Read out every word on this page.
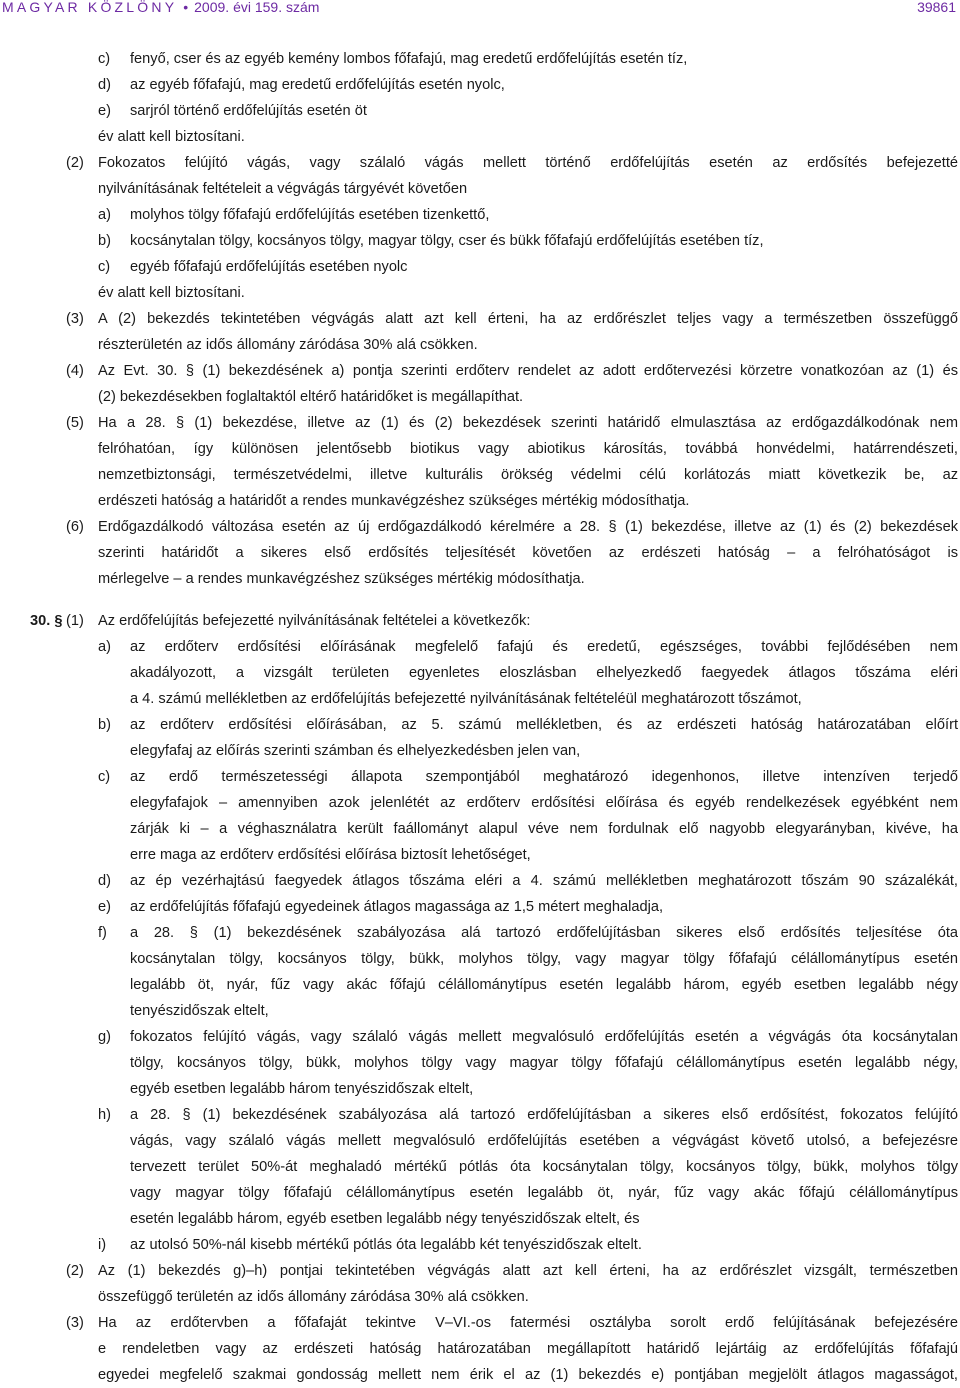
MAGYAR KÖZLÖNY • 2009. évi 159. szám	39861
c) fenyő, cser és az egyéb kemény lombos főfafajú, mag eredetű erdőfelújítás esetén tíz,
d) az egyéb főfafajú, mag eredetű erdőfelújítás esetén nyolc,
e) sarjról történő erdőfelújítás esetén öt
év alatt kell biztosítani.
(2) Fokozatos felújító vágás, vagy szálaló vágás mellett történő erdőfelújítás esetén az erdősítés befejezetté
nyilvánításának feltételeit a végvágás tárgyévét követően
a) molyhos tölgy főfafajú erdőfelújítás esetében tizenkettő,
b) kocsánytalan tölgy, kocsányos tölgy, magyar tölgy, cser és bükk főfafajú erdőfelújítás esetében tíz,
c) egyéb főfafajú erdőfelújítás esetében nyolc
év alatt kell biztosítani.
(3) A (2) bekezdés tekintetében végvágás alatt azt kell érteni, ha az erdőrészlet teljes vagy a természetben összefüggő
részterületén az idős állomány záródása 30% alá csökken.
(4) Az Evt. 30. § (1) bekezdésének a) pontja szerinti erdőterv rendelet az adott erdőtervezési körzetre vonatkozóan az (1) és
(2) bekezdésekben foglaltaktól eltérő határidőket is megállapíthat.
(5) Ha a 28. § (1) bekezdése, illetve az (1) és (2) bekezdések szerinti határidő elmulasztása az erdőgazdálkodónak nem
felróhatóan, így különösen jelentősebb biotikus vagy abiotikus károsítás, továbbá honvédelmi, határrendészeti,
nemzetbiztonsági, természetvédelmi, illetve kulturális örökség védelmi célú korlátozás miatt következik be, az
erdészeti hatóság a határidőt a rendes munkavégzéshez szükséges mértékig módosíthatja.
(6) Erdőgazdálkodó változása esetén az új erdőgazdálkodó kérelmére a 28. § (1) bekezdése, illetve az (1) és (2) bekezdések
szerinti határidőt a sikeres első erdősítés teljesítését követően az erdészeti hatóság – a felróhatóságot is
mérlegelve – a rendes munkavégzéshez szükséges mértékig módosíthatja.
30. § (1) Az erdőfelújítás befejezetté nyilvánításának feltételei a következők:
a) az erdőterv erdősítési előírásának megfelelő fafajú és eredetű, egészséges, további fejlődésében nem
akadályozott, a vizsgált területen egyenletes eloszlásban elhelyezkedő faegyedek átlagos tőszáma eléri
a 4. számú mellékletben az erdőfelújítás befejezetté nyilvánításának feltételéül meghatározott tőszámot,
b) az erdőterv erdősítési előírásában, az 5. számú mellékletben, és az erdészeti hatóság határozatában előírt
elegyfafaj az előírás szerinti számban és elhelyezkedésben jelen van,
c) az erdő természetességi állapota szempontjából meghatározó idegenhonos, illetve intenzíven terjedő
elegyfafajok – amennyiben azok jelenlétét az erdőterv erdősítési előírása és egyéb rendelkezések egyébként nem
zárják ki – a véghasználatra került faállományt alapul véve nem fordulnak elő nagyobb elegyarányban, kivéve, ha
erre maga az erdőterv erdősítési előírása biztosít lehetőséget,
d) az ép vezérhajtású faegyedek átlagos tőszáma eléri a 4. számú mellékletben meghatározott tőszám 90 százalékát,
e) az erdőfelújítás főfafajú egyedeinek átlagos magassága az 1,5 métert meghaladja,
f) a 28. § (1) bekezdésének szabályozása alá tartozó erdőfelújításban sikeres első erdősítés teljesítése óta
kocsánytalan tölgy, kocsányos tölgy, bükk, molyhos tölgy, vagy magyar tölgy főfafajú célállománytípus esetén
legalább öt, nyár, fűz vagy akác főfajú célállománytípus esetén legalább három, egyéb esetben legalább négy
tenyészidőszak eltelt,
g) fokozatos felújító vágás, vagy szálaló vágás mellett megvalósuló erdőfelújítás esetén a végvágás óta kocsánytalan
tölgy, kocsányos tölgy, bükk, molyhos tölgy vagy magyar tölgy főfafajú célállománytípus esetén legalább négy,
egyéb esetben legalább három tenyészidőszak eltelt,
h) a 28. § (1) bekezdésének szabályozása alá tartozó erdőfelújításban a sikeres első erdősítést, fokozatos felújító
vágás, vagy szálaló vágás mellett megvalósuló erdőfelújítás esetében a végvágást követő utolsó, a befejezésre
tervezett terület 50%-át meghaladó mértékű pótlás óta kocsánytalan tölgy, kocsányos tölgy, bükk, molyhos tölgy
vagy magyar tölgy főfafajú célállománytípus esetén legalább öt, nyár, fűz vagy akác főfajú célállománytípus
esetén legalább három, egyéb esetben legalább négy tenyészidőszak eltelt, és
i) az utolsó 50%-nál kisebb mértékű pótlás óta legalább két tenyészidőszak eltelt.
(2) Az (1) bekezdés g)–h) pontjai tekintetében végvágás alatt azt kell érteni, ha az erdőrészlet vizsgált, természetben
összefüggő területén az idős állomány záródása 30% alá csökken.
(3) Ha az erdőtervben a főfafaját tekintve V–VI.-os fatermési osztályba sorolt erdő felújításának befejezésére
e rendeletben vagy az erdészeti hatóság határozatában megállapított határidő lejártáig az erdőfelújítás főfafajú
egyedei megfelelő szakmai gondosság mellett nem érik el az (1) bekezdés e) pontjában megjelölt átlagos magasságot,
